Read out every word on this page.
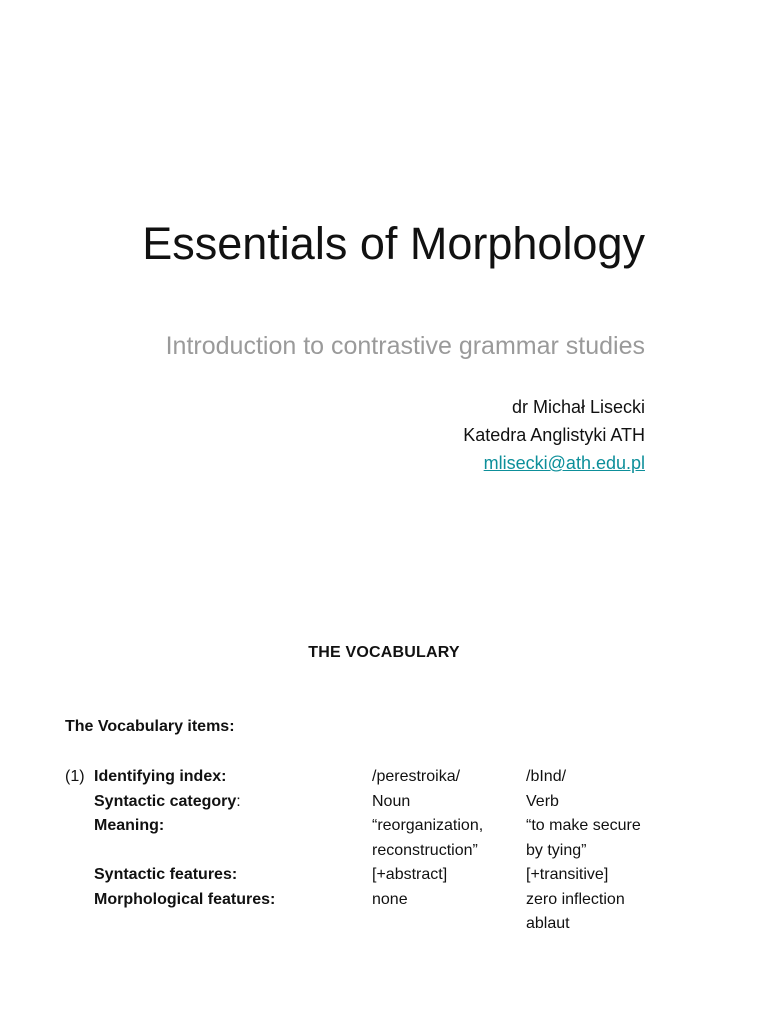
Essentials of Morphology
Introduction to contrastive grammar studies
dr Michał Lisecki
Katedra Anglistyki ATH
mlisecki@ath.edu.pl
THE VOCABULARY
The Vocabulary items:
(1) Identifying index:	/perestroika/	/bInd/
Syntactic category:	Noun	Verb
Meaning:	“reorganization,	“to make secure
reconstruction”	by tying”
Syntactic features:	[+abstract]	[+transitive]
Morphological features:	none	zero inflection
ablaut
